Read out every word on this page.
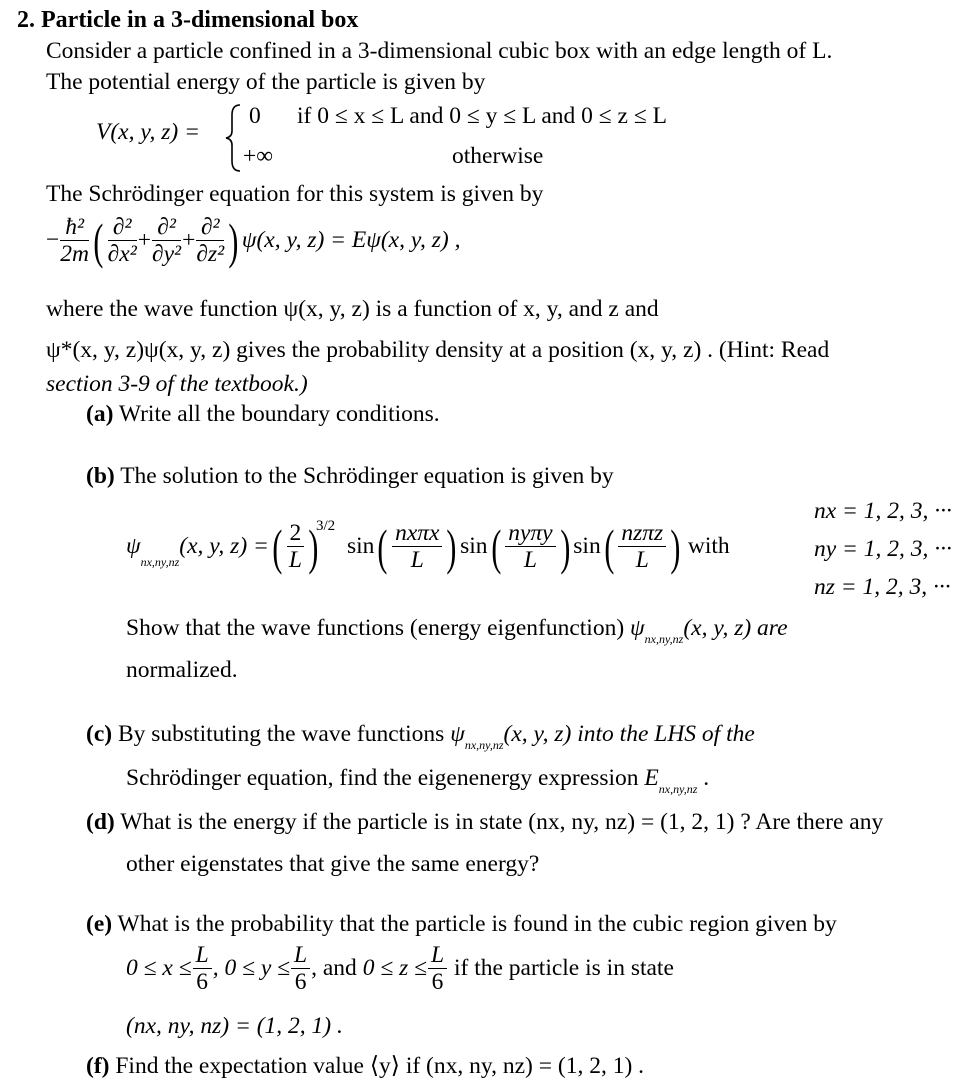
2. Particle in a 3-dimensional box
Consider a particle confined in a 3-dimensional cubic box with an edge length of L.
The potential energy of the particle is given by
V(x, y, z) =
0 if 0 ≤ x ≤ L and 0 ≤ y ≤ L and 0 ≤ z ≤ L
+∞	otherwise
The Schrödinger equation for this system is given by
− $\frac{\text{ħ²}}{2m}$ ( $\frac{\text{∂²}}{\text{∂x²}} + \frac{\text{∂²}}{\text{∂y²}} + \frac{\text{∂²}}{\text{∂z²}}$ ) ψ(x, y, z) = Eψ(x, y, z) ,
where the wave function ψ(x, y, z) is a function of x, y, and z and
ψ*(x, y, z)ψ(x, y, z) gives the probability density at a position (x, y, z) . (Hint: Read
section 3-9 of the textbook.)
(a) Write all the boundary conditions.
(b) The solution to the Schrödinger equation is given by
nx = 1, 2, 3, ···
ny = 1, 2, 3, ···
nz = 1, 2, 3, ···
$\psi_{nx,ny,nz}(x$, y, z) =( $\frac{2}{L} )^{3/2}$ $\sin( \frac{\text{nxπx}}{L}$ ) $\sin( \frac{\text{nyπy}}{L}$ ) $\sin( \frac{\text{nzπz}}{L}$ ) with
Show that the wave functions (energy eigenfunction) $\psi_{nx,ny,nz}(x$, y, z) are
normalized.
(c) By substituting the wave functions $\psi_{nx,ny,nz}(x$, y, z) into the LHS of the
Schrödinger equation, find the eigenenergy expression $E_{nx,ny,nz}$ .
(d) What is the energy if the particle is in state (nx, ny, nz) = (1, 2, 1) ? Are there any
other eigenstates that give the same energy?
(e) What is the probability that the particle is found in the cubic region given by
$0 \le x \le \frac{L}{6}$ , $0 \le y \le \frac{L}{6}$ , and $0 \le z \le \frac{L}{6}$ if the particle is in state
(nx, ny, nz) = (1, 2, 1) .
(f) Find the expectation value ⟨y⟩ if (nx, ny, nz) = (1, 2, 1) .
